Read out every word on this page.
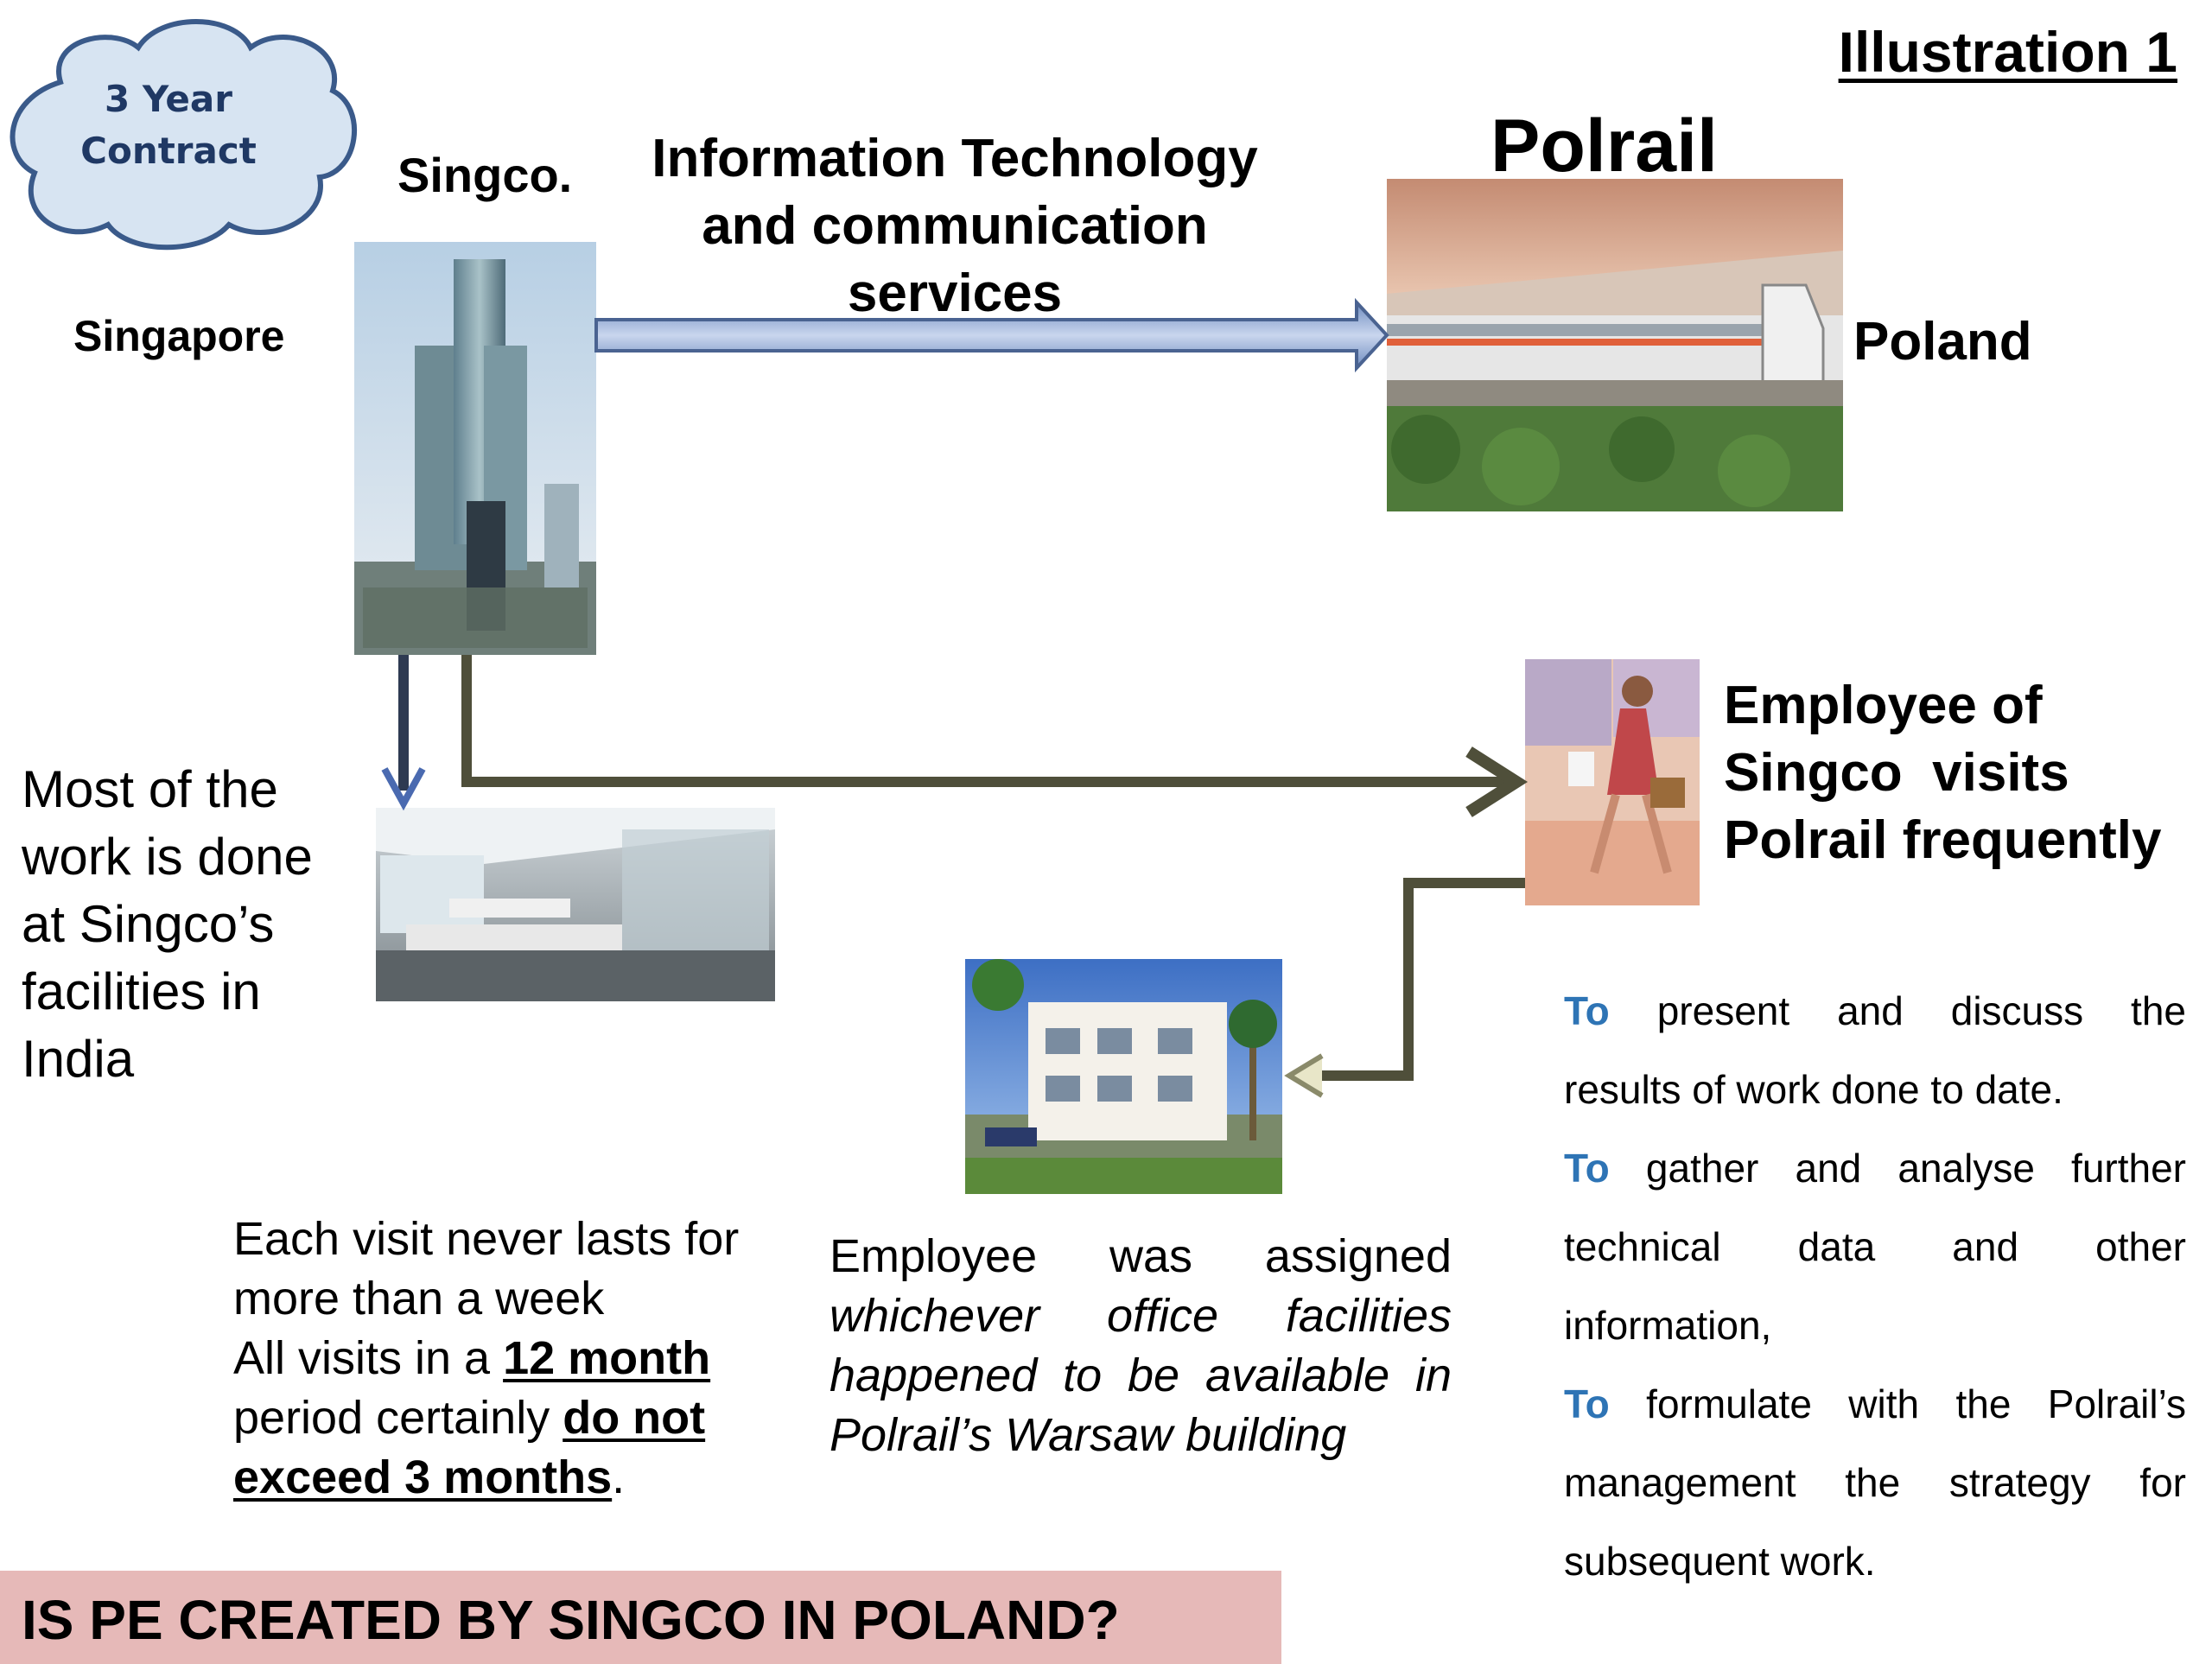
Illustration 1
3 Year
Contract	Singco.
Singapore
Information Technology
and communication
services
Polrail
Poland
Employee of
Singco  visits
Polrail frequently
Most of the
work is done
at Singco’s
facilities in
India
Each visit never lasts for
more than a week
All visits in a 12 month
period certainly do not
exceed 3 months.
Employee was assigned
whichever office facilities
happened to be available in
Polrail’s Warsaw building
To present and discuss the
results of work done to date.
To gather and analyse further
technical data and other
information,
To formulate with the Polrail’s
management the strategy for
subsequent work.
IS PE CREATED BY SINGCO IN POLAND?
